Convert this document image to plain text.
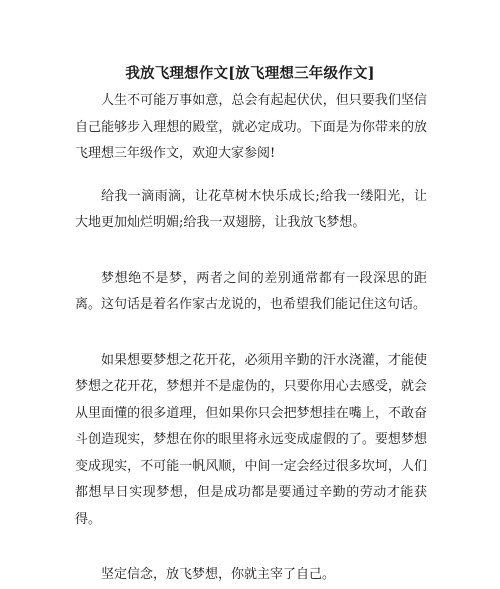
我放飞理想作文[放飞理想三年级作文]

人生不可能万事如意，总会有起起伏伏，但只要我们坚信自己能够步入理想的殿堂，就必定成功。下面是为你带来的放飞理想三年级作文，欢迎大家参阅!

给我一滴雨滴，让花草树木快乐成长;给我一缕阳光，让大地更加灿烂明媚;给我一双翅膀，让我放飞梦想。

梦想绝不是梦，两者之间的差别通常都有一段深思的距离。这句话是着名作家古龙说的，也希望我们能记住这句话。

如果想要梦想之花开花，必须用辛勤的汗水浇灌，才能使梦想之花开花，梦想并不是虚伪的，只要你用心去感受，就会从里面懂的很多道理，但如果你只会把梦想挂在嘴上，不敢奋斗创造现实，梦想在你的眼里将永远变成虚假的了。要想梦想变成现实，不可能一帆风顺，中间一定会经过很多坎坷，人们都想早日实现梦想，但是成功都是要通过辛勤的劳动才能获得。

坚定信念，放飞梦想，你就主宰了自己。
